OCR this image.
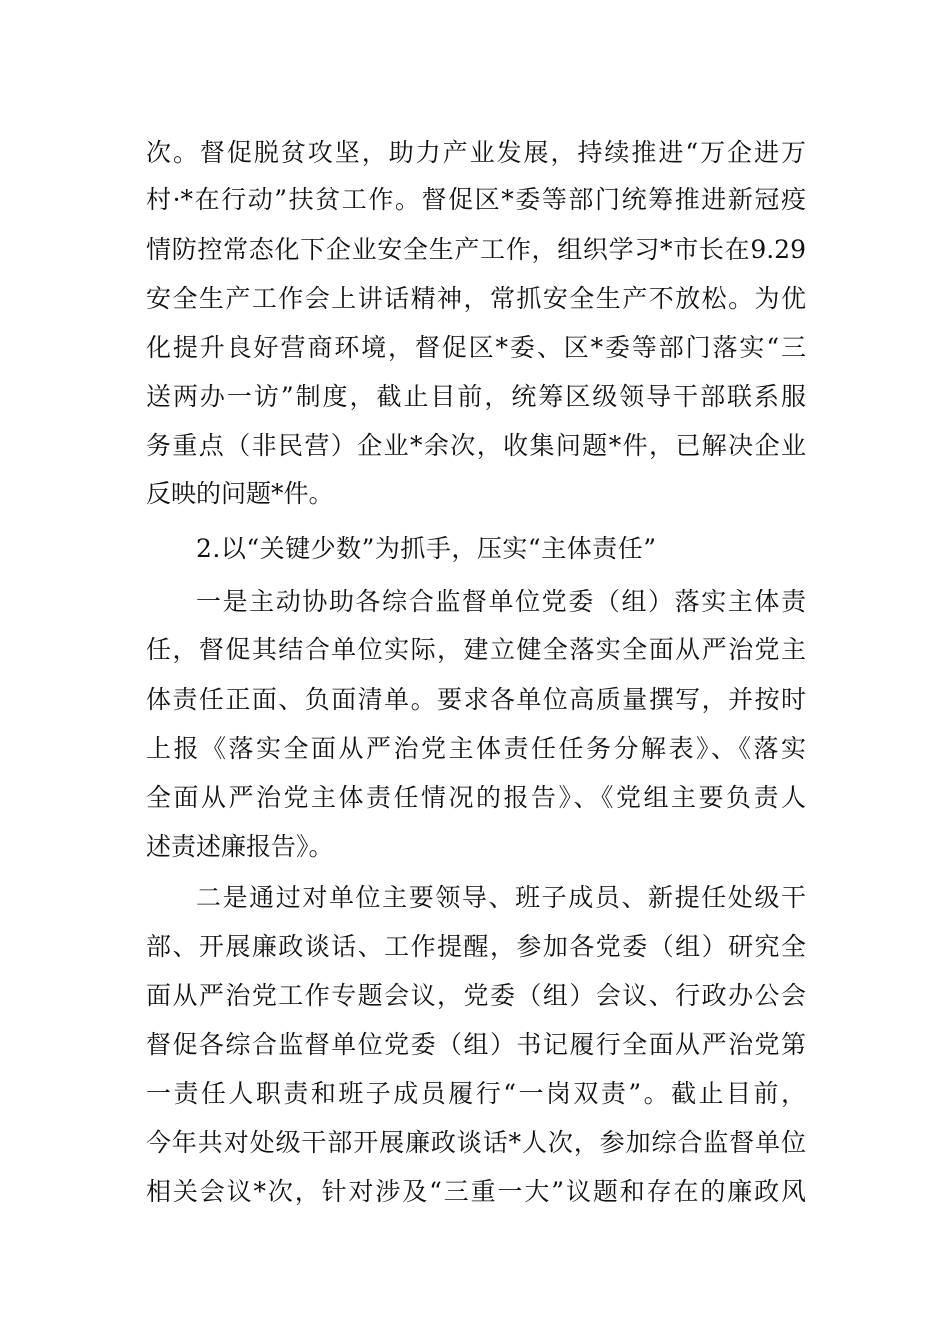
次。督促脱贫攻坚，助力产业发展，持续推进“万企进万
村·*在行动”扶贫工作。督促区*委等部门统筹推进新冠疫
情防控常态化下企业安全生产工作，组织学习*市长在9.29
安全生产工作会上讲话精神，常抓安全生产不放松。为优
化提升良好营商环境，督促区*委、区*委等部门落实“三
送两办一访”制度，截止目前，统筹区级领导干部联系服
务重点（非民营）企业*余次，收集问题*件，已解决企业
反映的问题*件。
2.以“关键少数”为抓手，压实“主体责任”
一是主动协助各综合监督单位党委（组）落实主体责
任，督促其结合单位实际，建立健全落实全面从严治党主
体责任正面、负面清单。要求各单位高质量撰写，并按时
上报《落实全面从严治党主体责任任务分解表》、《落实
全面从严治党主体责任情况的报告》、《党组主要负责人
述责述廉报告》。
二是通过对单位主要领导、班子成员、新提任处级干
部、开展廉政谈话、工作提醒，参加各党委（组）研究全
面从严治党工作专题会议，党委（组）会议、行政办公会
督促各综合监督单位党委（组）书记履行全面从严治党第
一责任人职责和班子成员履行“一岗双责”。截止目前，
今年共对处级干部开展廉政谈话*人次，参加综合监督单位
相关会议*次，针对涉及“三重一大”议题和存在的廉政风
